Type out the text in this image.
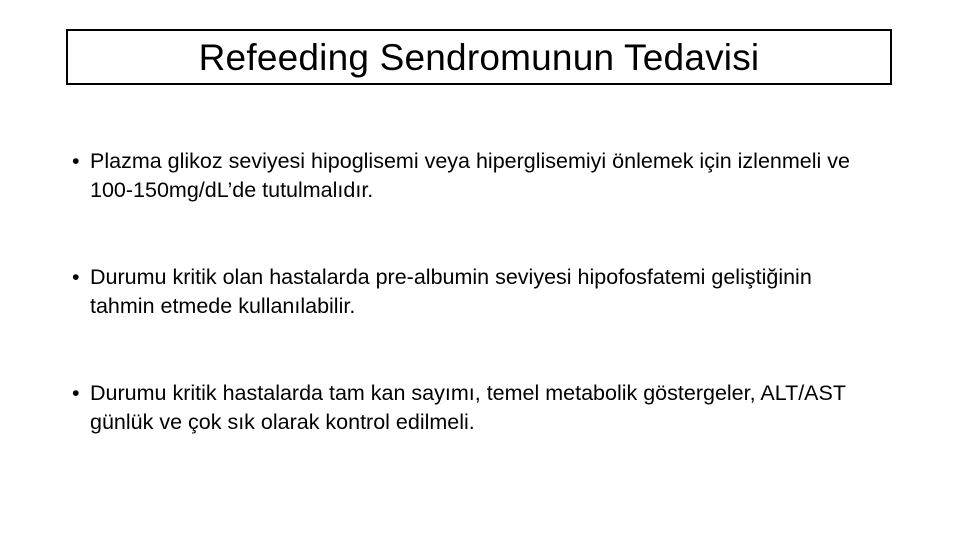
Refeeding Sendromunun Tedavisi
• Plazma glikoz seviyesi hipoglisemi veya hiperglisemiyi önlemek için izlenmeli ve 100-150mg/dL’de tutulmalıdır.
• Durumu kritik olan hastalarda pre-albumin seviyesi hipofosfatemi geliştiğinin tahmin etmede kullanılabilir.
• Durumu kritik hastalarda tam kan sayımı, temel metabolik göstergeler, ALT/AST günlük ve çok sık olarak kontrol edilmeli.
